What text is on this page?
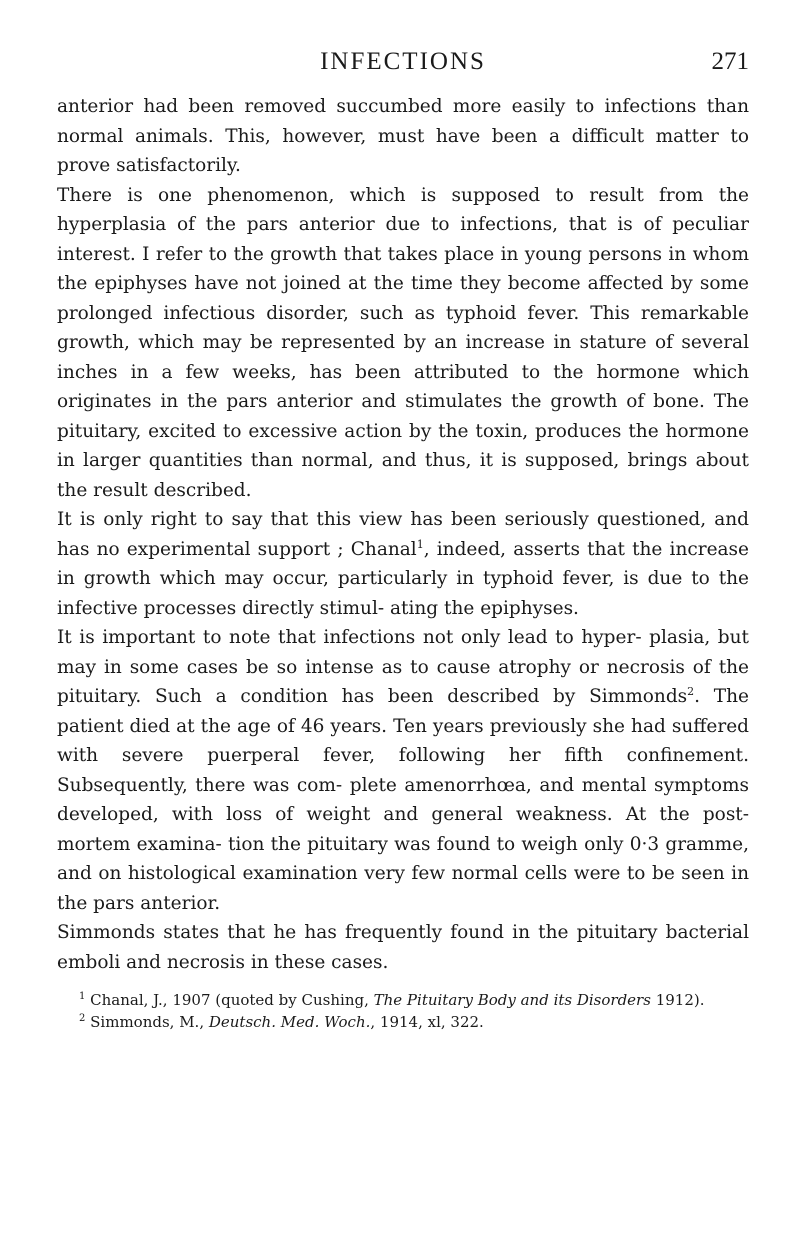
INFECTIONS	271

anterior had been removed succumbed more easily to infections than normal animals. This, however, must have been a difficult matter to prove satisfactorily.

There is one phenomenon, which is supposed to result from the hyperplasia of the pars anterior due to infections, that is of peculiar interest. I refer to the growth that takes place in young persons in whom the epiphyses have not joined at the time they become affected by some prolonged infectious disorder, such as typhoid fever. This remarkable growth, which may be represented by an increase in stature of several inches in a few weeks, has been attributed to the hormone which originates in the pars anterior and stimulates the growth of bone. The pituitary, excited to excessive action by the toxin, produces the hormone in larger quantities than normal, and thus, it is supposed, brings about the result described.

It is only right to say that this view has been seriously questioned, and has no experimental support ; Chanal$^1$, indeed, asserts that the increase in growth which may occur, particularly in typhoid fever, is due to the infective processes directly stimul- ating the epiphyses.

It is important to note that infections not only lead to hyper- plasia, but may in some cases be so intense as to cause atrophy or necrosis of the pituitary. Such a condition has been described by Simmonds$^2$. The patient died at the age of 46 years. Ten years previously she had suffered with severe puerperal fever, following her fifth confinement. Subsequently, there was com- plete amenorrhœa, and mental symptoms developed, with loss of weight and general weakness. At the post-mortem examina- tion the pituitary was found to weigh only 0·3 gramme, and on histological examination very few normal cells were to be seen in the pars anterior.

Simmonds states that he has frequently found in the pituitary bacterial emboli and necrosis in these cases.

$^1$ Chanal, J., 1907 (quoted by Cushing, The Pituitary Body and its Disorders 1912).

$^2$ Simmonds, M., Deutsch. Med. Woch., 1914, xl, 322.
